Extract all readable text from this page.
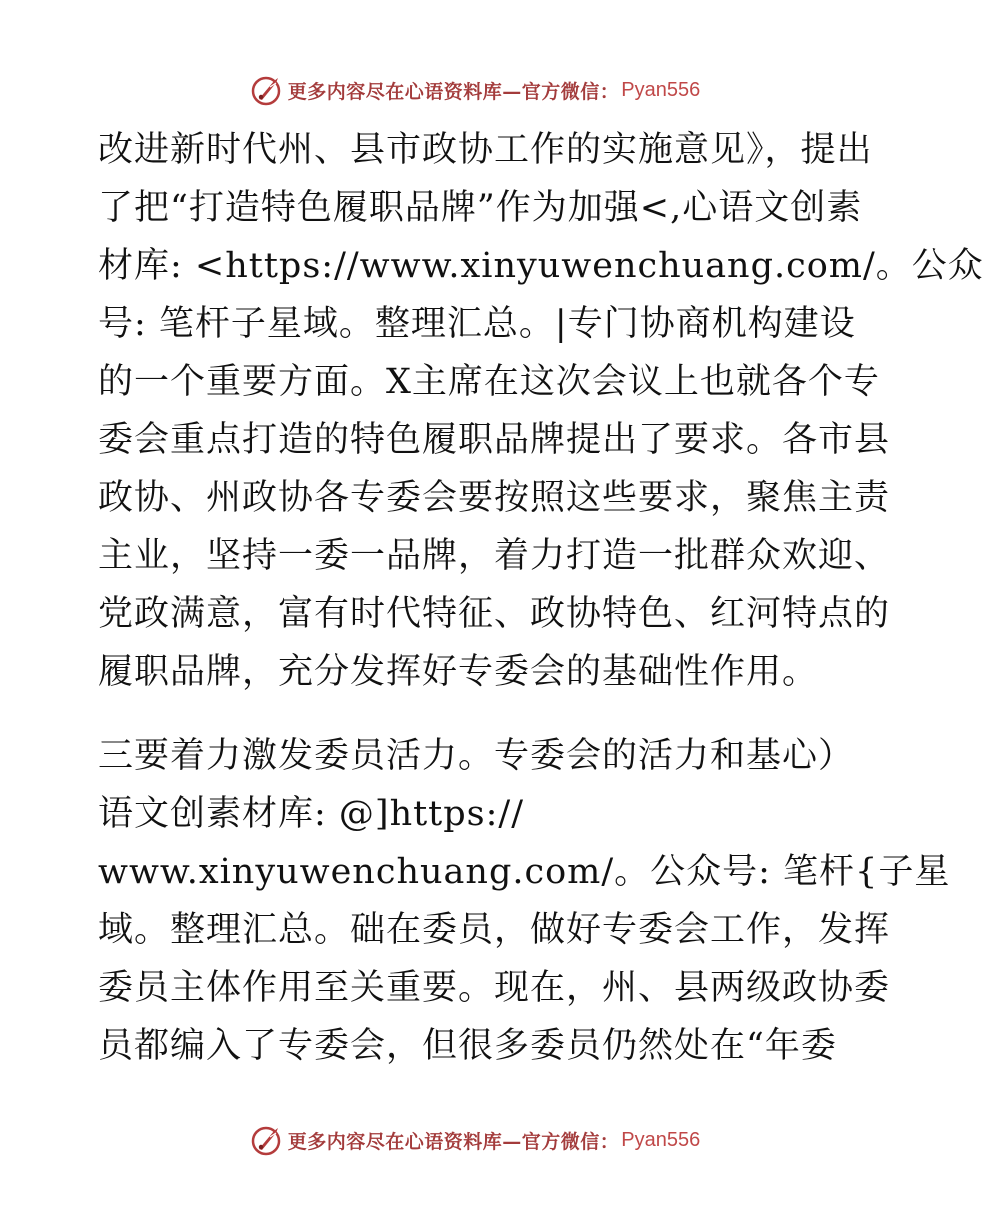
更多内容尽在心语资料库—官方微信： Pyan556
改进新时代州、县市政协工作的实施意见》，提出
了把“打造特色履职品牌”作为加强<,心语文创素
材库: <https://www.xinyuwenchuang.com/。公众
号: 笔杆子星域。整理汇总。|专门协商机构建设
的一个重要方面。X主席在这次会议上也就各个专
委会重点打造的特色履职品牌提出了要求。各市县
政协、州政协各专委会要按照这些要求，聚焦主责
主业，坚持一委一品牌，着力打造一批群众欢迎、
党政满意，富有时代特征、政协特色、红河特点的
履职品牌，充分发挥好专委会的基础性作用。
三要着力激发委员活力。专委会的活力和基心）
语文创素材库: @]https://
www.xinyuwenchuang.com/。公众号: 笔杆{子星
域。整理汇总。础在委员，做好专委会工作，发挥
委员主体作用至关重要。现在，州、县两级政协委
员都编入了专委会，但很多委员仍然处在“年委
更多内容尽在心语资料库—官方微信： Pyan556
